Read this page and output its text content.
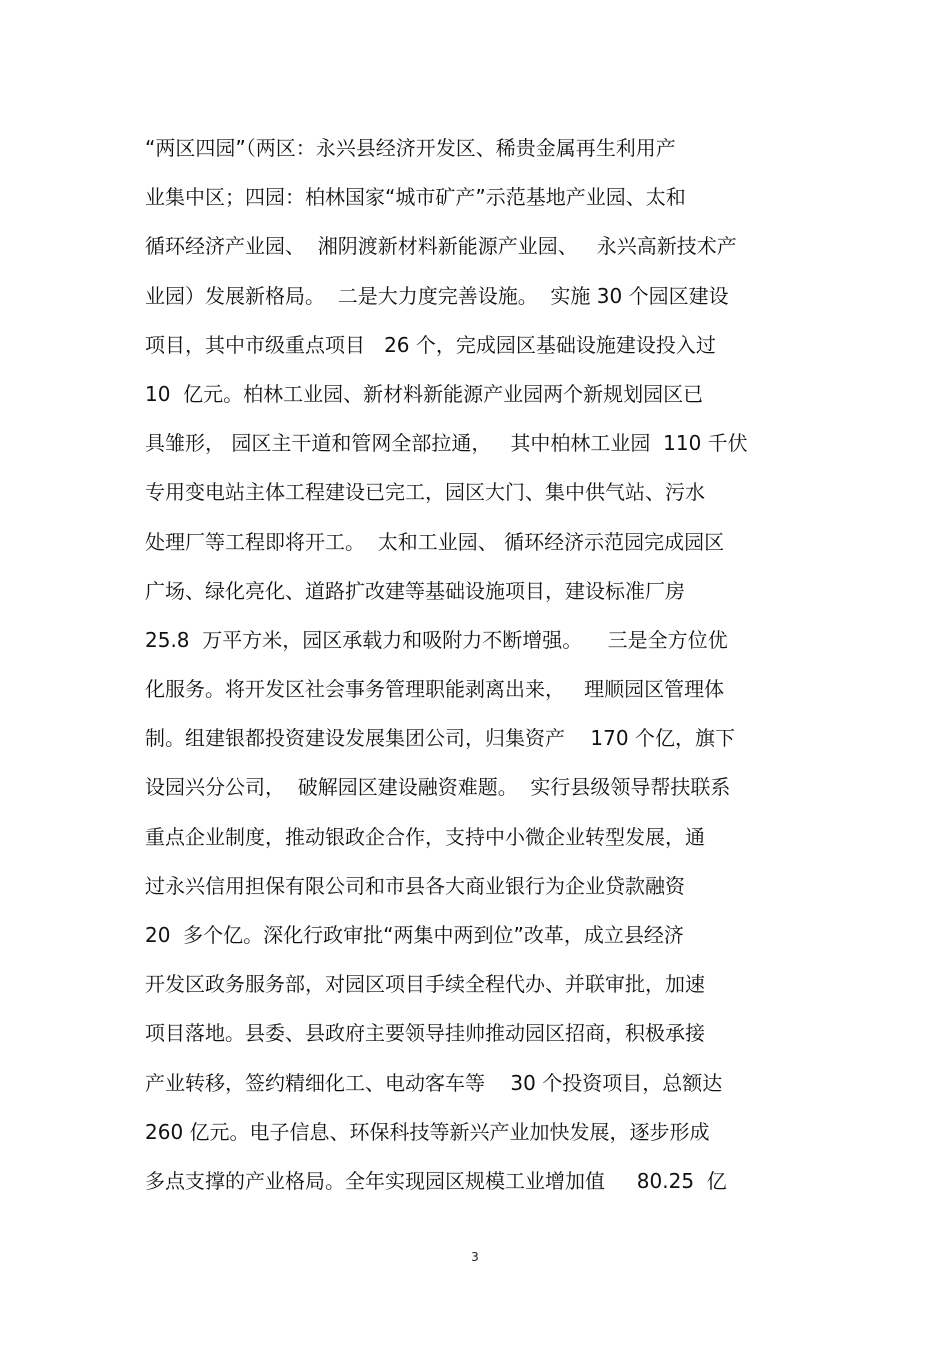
“两区四园”（两区：永兴县经济开发区、稀贵金属再生利用产
业集中区；四园：柏林国家“城市矿产”示范基地产业园、太和
循环经济产业园、  湘阴渡新材料新能源产业园、   永兴高新技术产
业园）发展新格局。  二是大力度完善设施。  实施 30 个园区建设
项目，其中市级重点项目   26 个，完成园区基础设施建设投入过
10  亿元。柏林工业园、新材料新能源产业园两个新规划园区已
具雏形， 园区主干道和管网全部拉通，   其中柏林工业园  110 千伏
专用变电站主体工程建设已完工，园区大门、集中供气站、污水
处理厂等工程即将开工。  太和工业园、 循环经济示范园完成园区
广场、绿化亮化、道路扩改建等基础设施项目，建设标准厂房
25.8  万平方米，园区承载力和吸附力不断增强。    三是全方位优
化服务。将开发区社会事务管理职能剥离出来，   理顺园区管理体
制。组建银都投资建设发展集团公司，归集资产    170 个亿，旗下
设园兴分公司，  破解园区建设融资难题。  实行县级领导帮扶联系
重点企业制度，推动银政企合作，支持中小微企业转型发展，通
过永兴信用担保有限公司和市县各大商业银行为企业贷款融资
20  多个亿。深化行政审批“两集中两到位”改革，成立县经济
开发区政务服务部，对园区项目手续全程代办、并联审批，加速
项目落地。县委、县政府主要领导挂帅推动园区招商，积极承接
产业转移，签约精细化工、电动客车等    30 个投资项目，总额达
260 亿元。电子信息、环保科技等新兴产业加快发展，逐步形成
多点支撑的产业格局。全年实现园区规模工业增加值     80.25  亿
3
